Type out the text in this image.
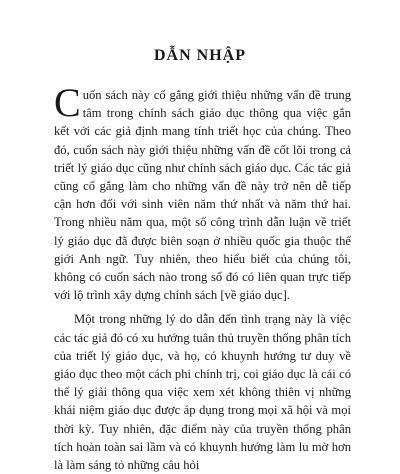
DẪN NHẬP

Cuốn sách này cố gắng giới thiệu những vấn đề trung tâm trong chính sách giáo dục thông qua việc gắn kết với các giả định mang tính triết học của chúng. Theo đó, cuốn sách này giới thiệu những vấn đề cốt lõi trong cả triết lý giáo dục cũng như chính sách giáo dục. Các tác giả cũng cố gắng làm cho những vấn đề này trở nên dễ tiếp cận hơn đối với sinh viên năm thứ nhất và năm thứ hai. Trong nhiều năm qua, một số công trình dẫn luận về triết lý giáo dục đã được biên soạn ở nhiều quốc gia thuộc thế giới Anh ngữ. Tuy nhiên, theo hiểu biết của chúng tôi, không có cuốn sách nào trong số đó có liên quan trực tiếp với lộ trình xây dựng chính sách [về giáo dục].

Một trong những lý do dẫn đến tình trạng này là việc các tác giả đó có xu hướng tuân thủ truyền thống phân tích của triết lý giáo dục, và họ, có khuynh hướng tư duy về giáo dục theo một cách phi chính trị, coi giáo dục là cái có thể lý giải thông qua việc xem xét không thiên vị những khái niệm giáo dục được áp dụng trong mọi xã hội và mọi thời kỳ. Tuy nhiên, đặc điểm này của truyền thống phân tích hoàn toàn sai lầm và có khuynh hướng làm lu mờ hơn là làm sáng tỏ những câu hỏi
